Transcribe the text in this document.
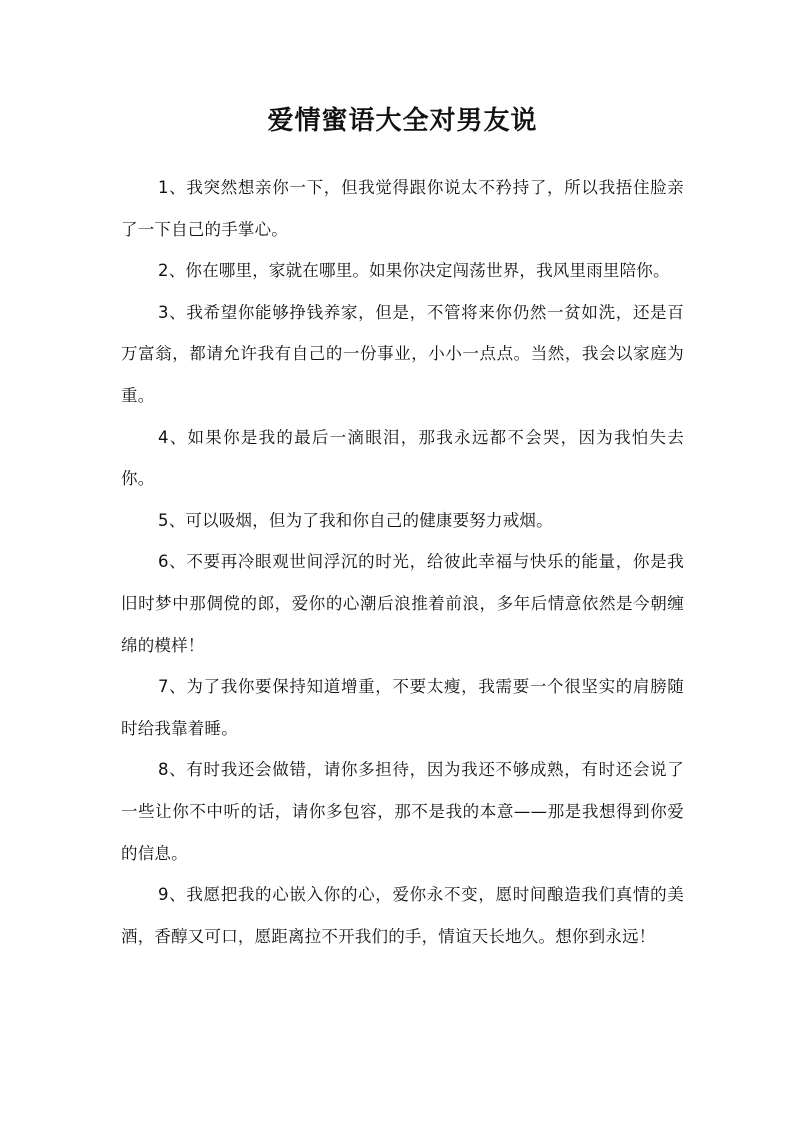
爱情蜜语大全对男友说

1、我突然想亲你一下，但我觉得跟你说太不矜持了，所以我捂住脸亲了一下自己的手掌心。

2、你在哪里，家就在哪里。如果你决定闯荡世界，我风里雨里陪你。

3、我希望你能够挣钱养家，但是，不管将来你仍然一贫如洗，还是百万富翁，都请允许我有自己的一份事业，小小一点点。当然，我会以家庭为重。

4、如果你是我的最后一滴眼泪，那我永远都不会哭，因为我怕失去你。

5、可以吸烟，但为了我和你自己的健康要努力戒烟。

6、不要再冷眼观世间浮沉的时光，给彼此幸福与快乐的能量，你是我旧时梦中那倜傥的郎，爱你的心潮后浪推着前浪，多年后情意依然是今朝缠绵的模样！

7、为了我你要保持知道增重，不要太瘦，我需要一个很坚实的肩膀随时给我靠着睡。

8、有时我还会做错，请你多担待，因为我还不够成熟，有时还会说了一些让你不中听的话，请你多包容，那不是我的本意——那是我想得到你爱的信息。

9、我愿把我的心嵌入你的心，爱你永不变，愿时间酿造我们真情的美酒，香醇又可口，愿距离拉不开我们的手，情谊天长地久。想你到永远！
